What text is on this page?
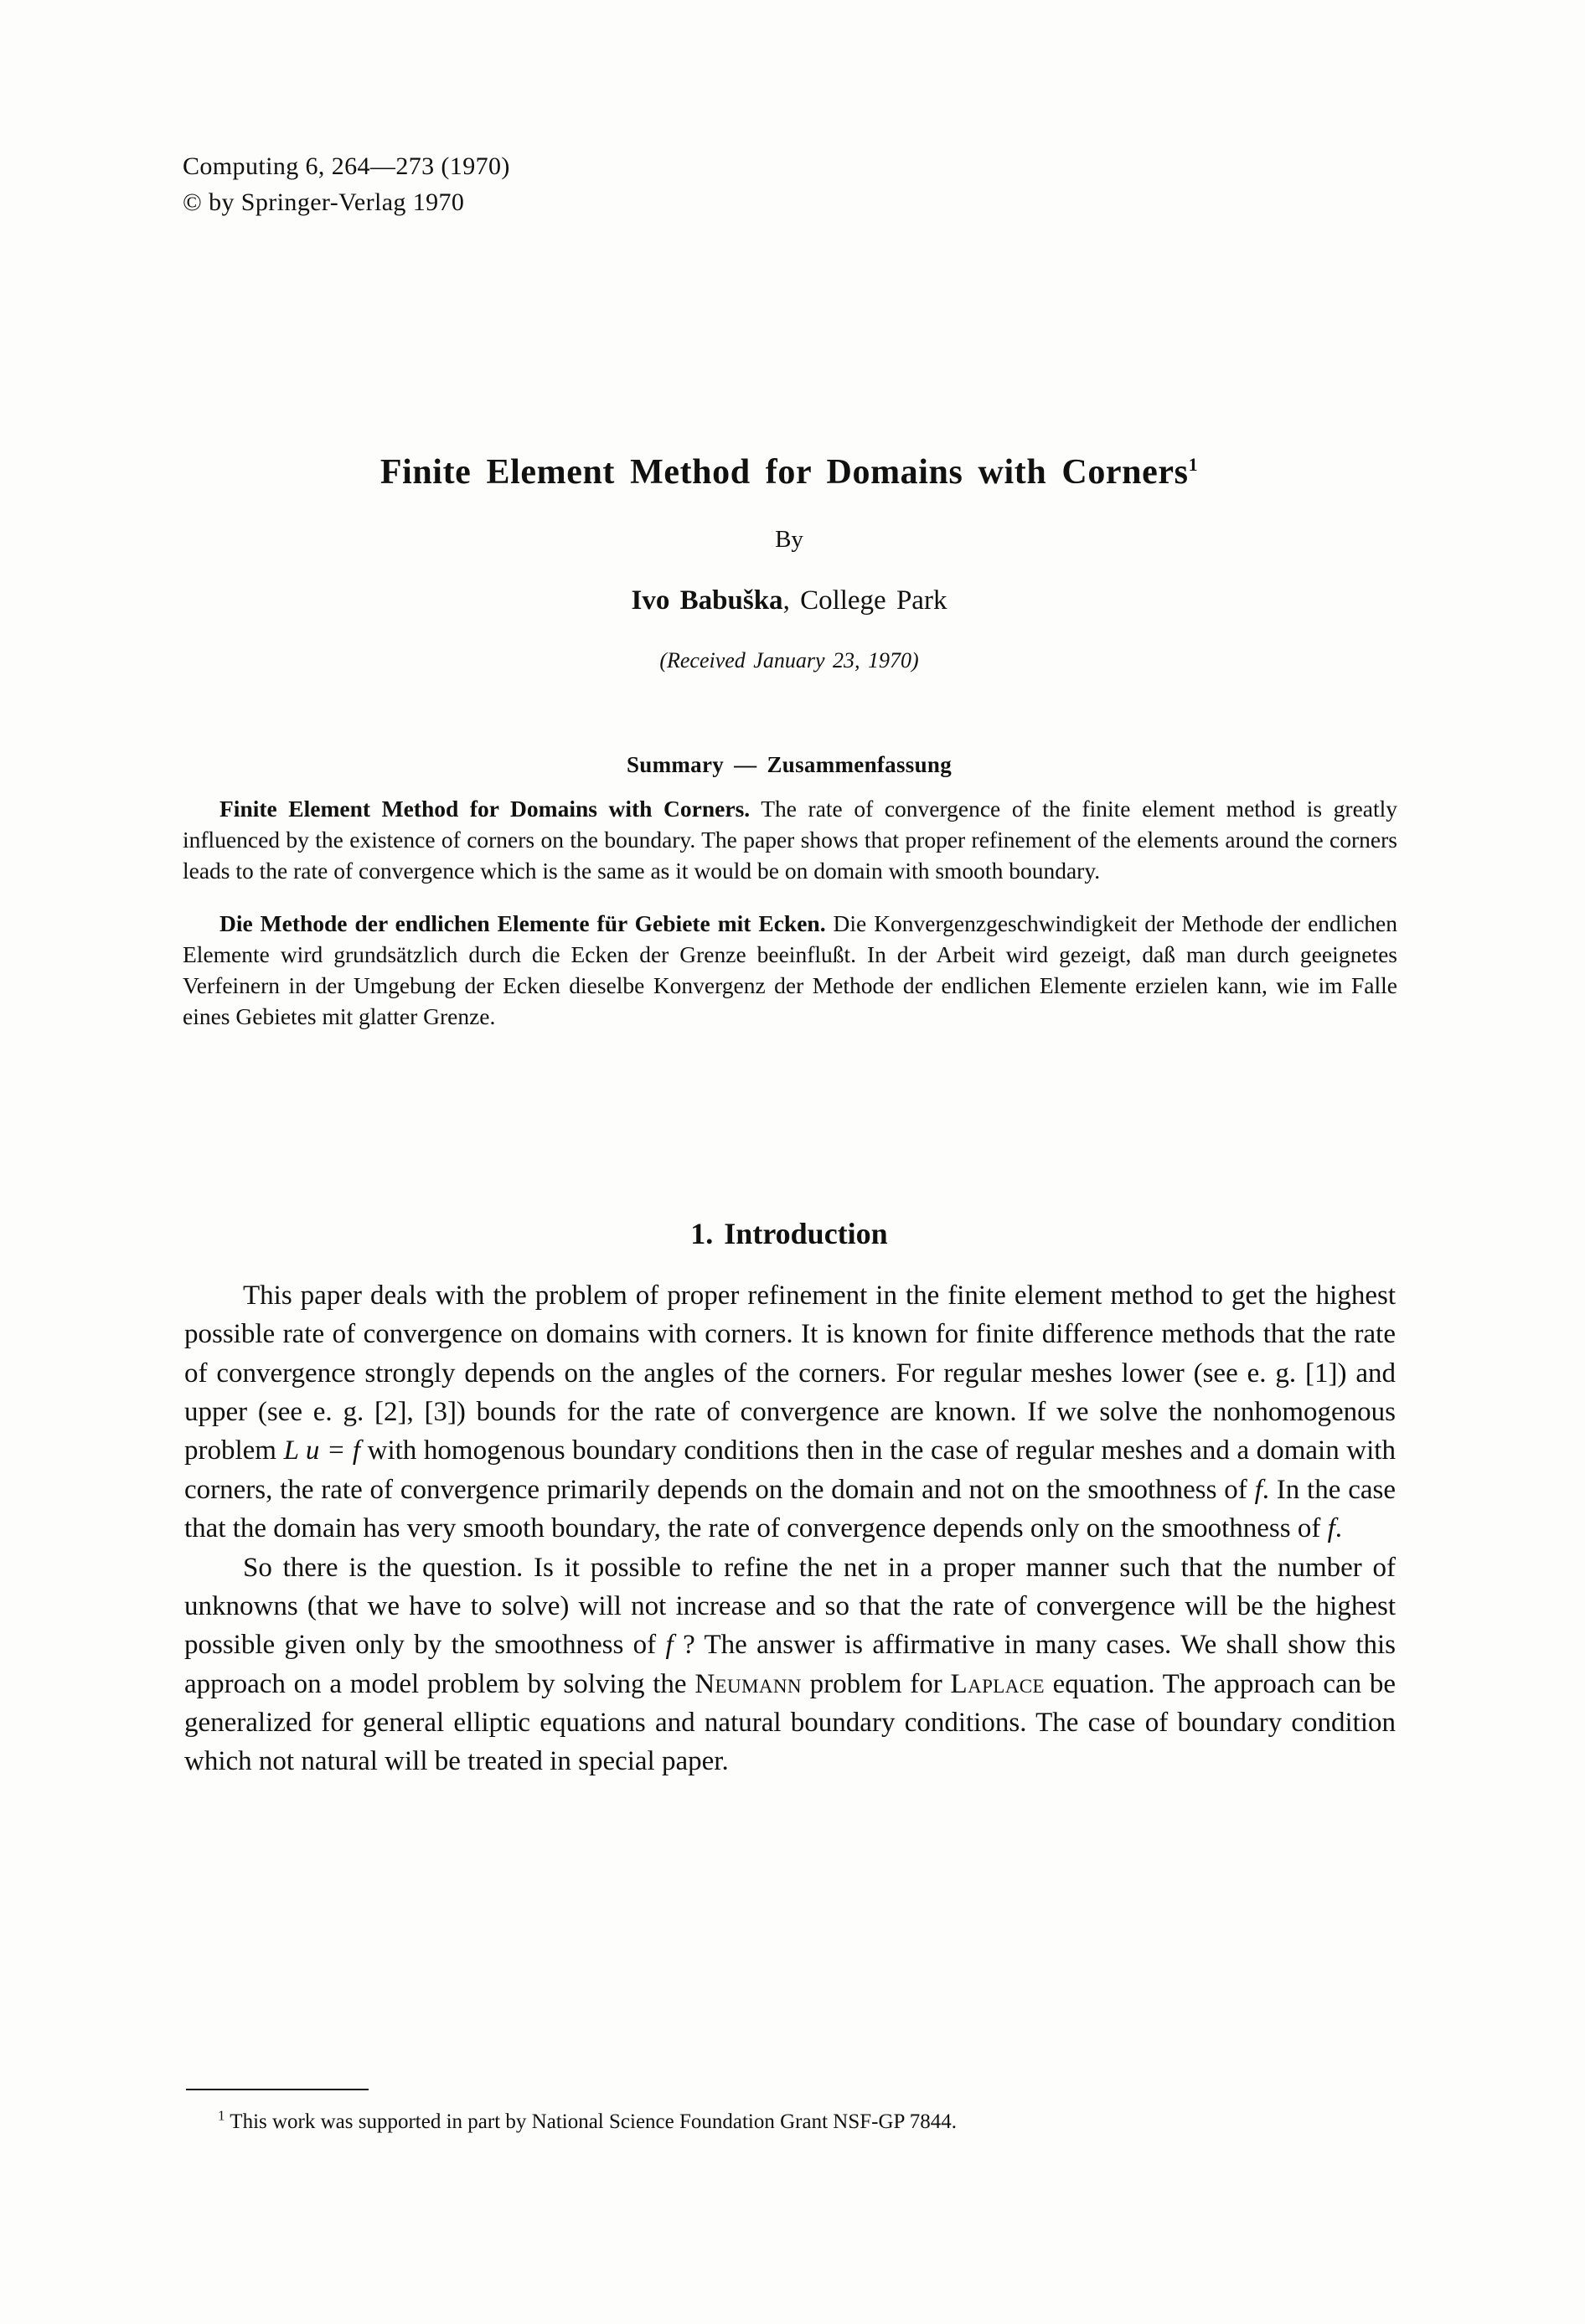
Computing 6, 264—273 (1970)
© by Springer-Verlag 1970
Finite Element Method for Domains with Corners$^1$
By
Ivo Babuška, College Park
(Received January 23, 1970)
Summary — Zusammenfassung

Finite Element Method for Domains with Corners. The rate of convergence of the finite element method is greatly influenced by the existence of corners on the boundary. The paper shows that proper refinement of the elements around the corners leads to the rate of convergence which is the same as it would be on domain with smooth boundary.

Die Methode der endlichen Elemente für Gebiete mit Ecken. Die Konvergenzgeschwindigkeit der Methode der endlichen Elemente wird grundsätzlich durch die Ecken der Grenze beeinflußt. In der Arbeit wird gezeigt, daß man durch geeignetes Verfeinern in der Umgebung der Ecken dieselbe Konvergenz der Methode der endlichen Elemente erzielen kann, wie im Falle eines Gebietes mit glatter Grenze.

1. Introduction

This paper deals with the problem of proper refinement in the finite element method to get the highest possible rate of convergence on domains with corners. It is known for finite difference methods that the rate of convergence strongly depends on the angles of the corners. For regular meshes lower (see e. g. [1]) and upper (see e. g. [2], [3]) bounds for the rate of convergence are known. If we solve the nonhomogenous problem L u = f with homogenous boundary conditions then in the case of regular meshes and a domain with corners, the rate of convergence primarily depends on the domain and not on the smoothness of f. In the case that the domain has very smooth boundary, the rate of convergence depends only on the smoothness of f.

So there is the question. Is it possible to refine the net in a proper manner such that the number of unknowns (that we have to solve) will not increase and so that the rate of convergence will be the highest possible given only by the smoothness of f ? The answer is affirmative in many cases. We shall show this approach on a model problem by solving the Neumann problem for Laplace equation. The approach can be generalized for general elliptic equations and natural boundary conditions. The case of boundary condition which not natural will be treated in special paper.

$^1$ This work was supported in part by National Science Foundation Grant NSF-GP 7844.
